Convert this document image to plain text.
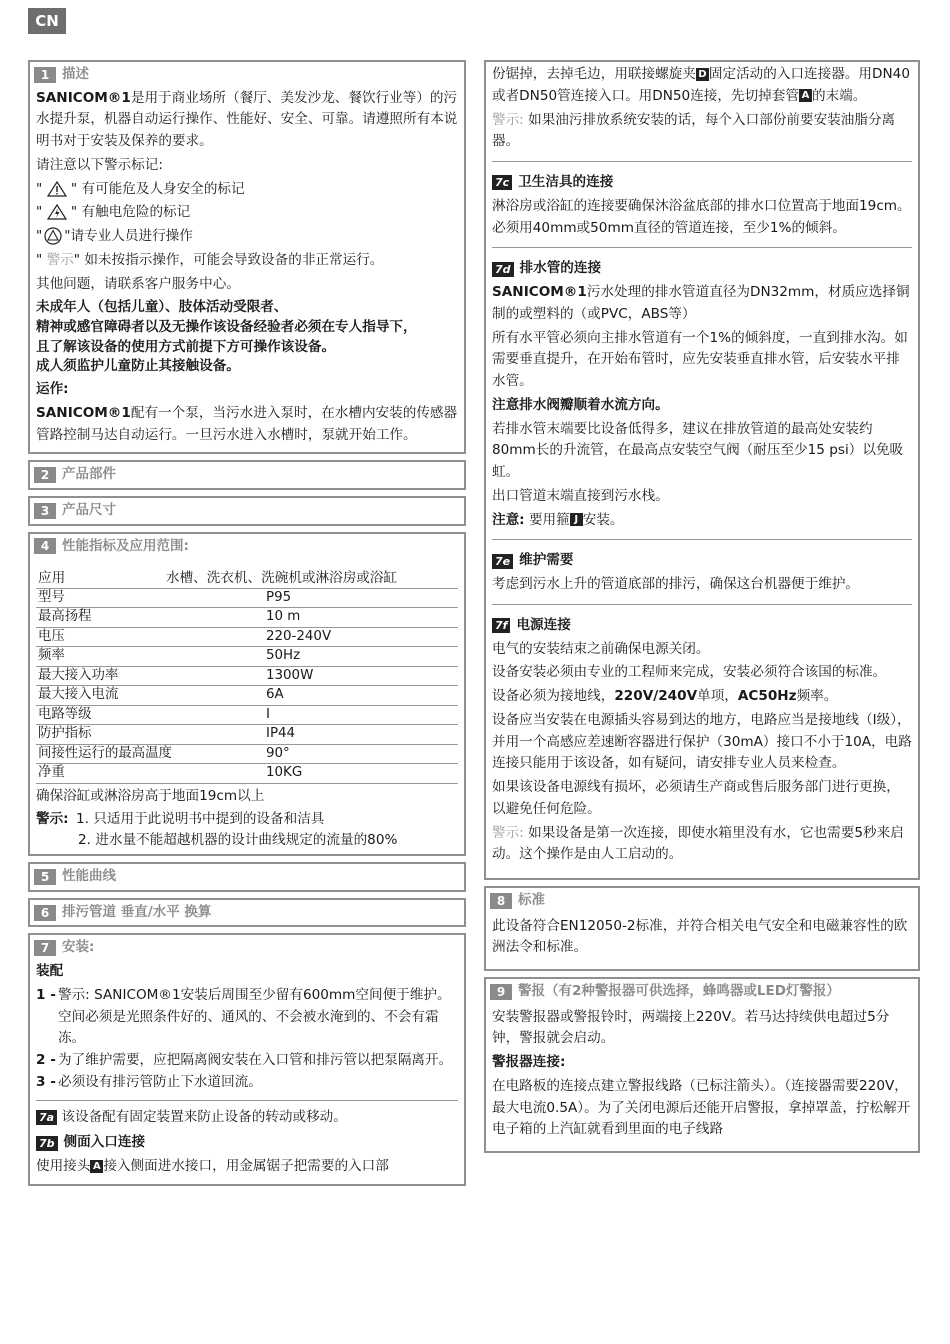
CN
1 描述

SANICOM®1是用于商业场所（餐厅、美发沙龙、餐饮行业等）的污水提升泵，机器自动运行操作、性能好、安全、可靠。请遵照所有本说明书对于安装及保养的要求。

请注意以下警示标记:

"  " 有可能危及人身安全的标记

"  " 有触电危险的标记

" "请专业人员进行操作

" 警示" 如未按指示操作，可能会导致设备的非正常运行。

其他问题，请联系客户服务中心。

未成年人（包括儿童）、肢体活动受限者、
精神或感官障碍者以及无操作该设备经验者必须在专人指导下，
且了解该设备的使用方式前提下方可操作该设备。
成人须监护儿童防止其接触设备。

运作:

SANICOM®1配有一个泵，当污水进入泵时，在水槽内安装的传感器管路控制马达自动运行。一旦污水进入水槽时，泵就开始工作。

2 产品部件
3 产品尺寸
4 性能指标及应用范围:
应用	水槽、洗衣机、洗碗机或淋浴房或浴缸
型号	P95
最高扬程	10 m
电压	220-240V
频率	50Hz
最大接入功率	1300W
最大接入电流	6A
电路等级	I
防护指标	IP44
间接性运行的最高温度	90°
净重	10KG

确保浴缸或淋浴房高于地面19cm以上

警示: 1. 只适用于此说明书中提到的设备和洁具
2. 进水量不能超越机器的设计曲线规定的流量的80%
5 性能曲线
6 排污管道 垂直/水平 换算
7 安装:

装配

1 - 警示: SANICOM®1安装后周围至少留有600mm空间便于维护。空间必须是光照条件好的、通风的、不会被水淹到的、不会有霜冻。
2 - 为了维护需要，应把隔离阀安装在入口管和排污管以把泵隔离开。
3 - 必须设有排污管防止下水道回流。

7a 该设备配有固定装置来防止设备的转动或移动。

7b 侧面入口连接

使用接头 A 接入侧面进水接口，用金属锯子把需要的入口部

份锯掉，去掉毛边，用联接螺旋夹 D 固定活动的入口连接器。用DN40或者DN50管连接入口。用DN50连接，先切掉套管 A 的末端。

警示: 如果油污排放系统安装的话，每个入口部份前要安装油脂分离器。

7c 卫生洁具的连接

淋浴房或浴缸的连接要确保沐浴盆底部的排水口位置高于地面19cm。必须用40mm或50mm直径的管道连接，至少1%的倾斜。

7d 排水管的连接

SANICOM®1污水处理的排水管道直径为DN32mm，材质应选择铜制的或塑料的（或PVC，ABS等）

所有水平管必须向主排水管道有一个1%的倾斜度，一直到排水沟。如需要垂直提升，在开始布管时，应先安装垂直排水管，后安装水平排水管。

注意排水阀瓣顺着水流方向。

若排水管末端要比设备低得多，建议在排放管道的最高处安装约80mm长的升流管，在最高点安装空气阀（耐压至少15 psi）以免吸虹。

出口管道末端直接到污水栈。

注意: 要用箍 J 安装。

7e 维护需要

考虑到污水上升的管道底部的排污，确保这台机器便于维护。

7f 电源连接

电气的安装结束之前确保电源关闭。

设备安装必须由专业的工程师来完成，安装必须符合该国的标准。

设备必须为接地线，220V/240V单项，AC50Hz频率。

设备应当安装在电源插头容易到达的地方，电路应当是接地线（I级），并用一个高感应差速断容器进行保护（30mA）接口不小于10A，电路连接只能用于该设备，如有疑问，请安排专业人员来检查。

如果该设备电源线有损坏，必须请生产商或售后服务部门进行更换，以避免任何危险。

警示: 如果设备是第一次连接，即使水箱里没有水，它也需要5秒来启动。这个操作是由人工启动的。

8 标准

此设备符合EN12050-2标准，并符合相关电气安全和电磁兼容性的欧洲法令和标准。

9 警报（有2种警报器可供选择，蜂鸣器或LED灯警报）

安装警报器或警报铃时，两端接上220V。若马达持续供电超过5分钟，警报就会启动。

警报器连接:

在电路板的连接点建立警报线路（已标注箭头）。（连接器需要220V，最大电流0.5A）。为了关闭电源后还能开启警报，拿掉罩盖，拧松解开电子箱的上汽缸就看到里面的电子线路
